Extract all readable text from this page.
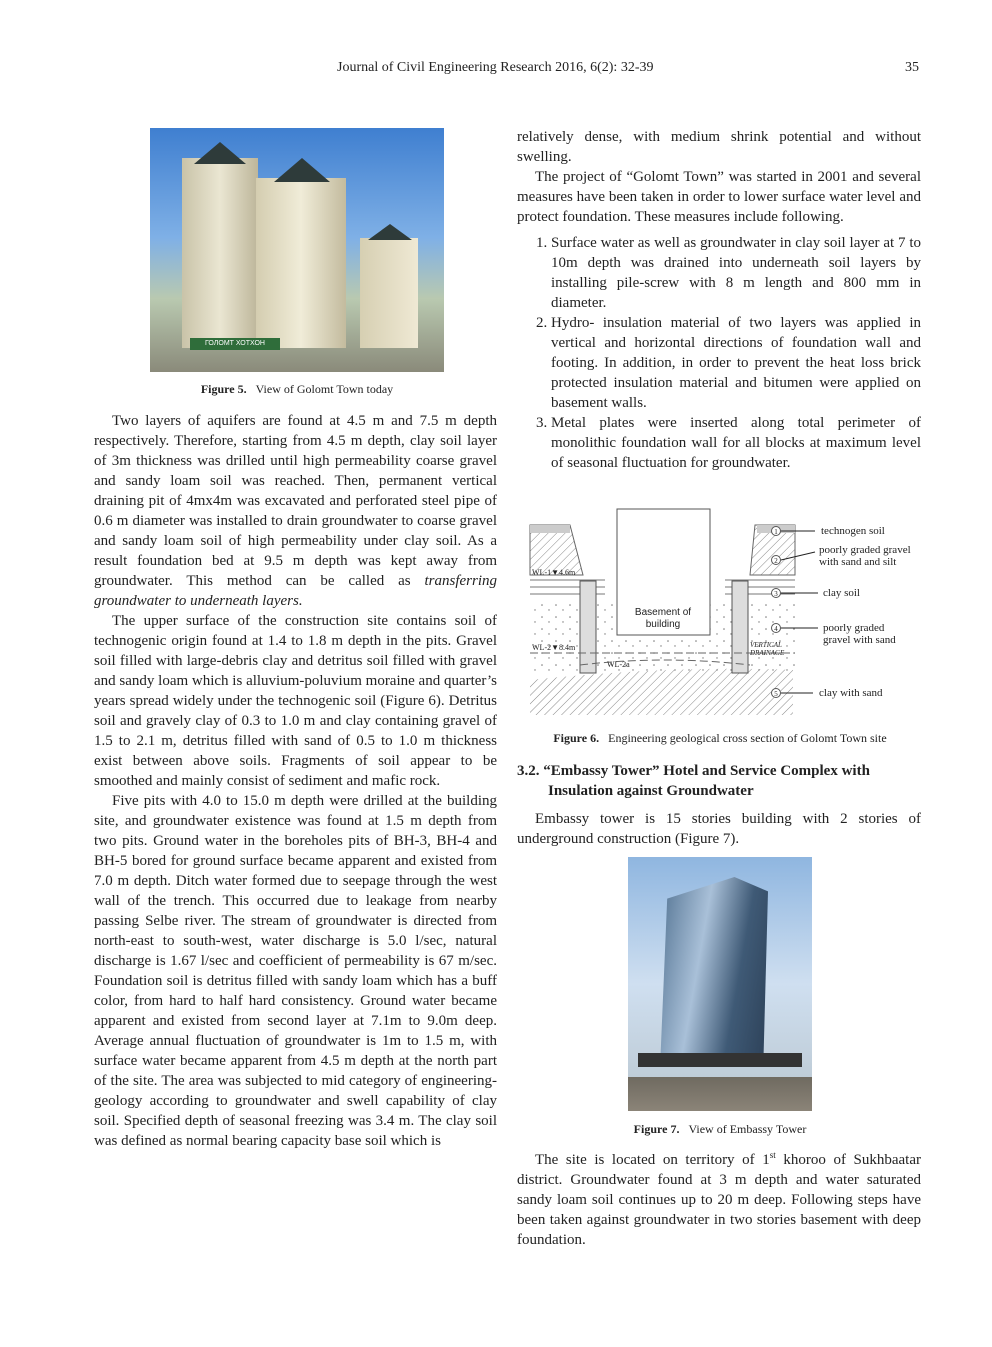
Journal of Civil Engineering Research 2016, 6(2): 32-39	35
ГОЛОМТ ХОТХОН
Figure 5. View of Golomt Town today

Two layers of aquifers are found at 4.5 m and 7.5 m depth respectively. Therefore, starting from 4.5 m depth, clay soil layer of 3m thickness was drilled until high permeability coarse gravel and sandy loam soil was reached. Then, permanent vertical draining pit of 4mx4m was excavated and perforated steel pipe of 0.6 m diameter was installed to drain groundwater to coarse gravel and sandy loam soil of high permeability under clay soil. As a result foundation bed at 9.5 m depth was kept away from groundwater. This method can be called as transferring groundwater to underneath layers.

The upper surface of the construction site contains soil of technogenic origin found at 1.4 to 1.8 m depth in the pits. Gravel soil filled with large-debris clay and detritus soil filled with gravel and sandy loam which is alluvium-poluvium moraine and quarter’s years spread widely under the technogenic soil (Figure 6). Detritus soil and gravely clay of 0.3 to 1.0 m and clay containing gravel of 1.5 to 2.1 m, detritus filled with sand of 0.5 to 1.0 m thickness exist between above soils. Fragments of soil appear to be smoothed and mainly consist of sediment and mafic rock.

Five pits with 4.0 to 15.0 m depth were drilled at the building site, and groundwater existence was found at 1.5 m depth from two pits. Ground water in the boreholes pits of BH-3, BH-4 and BH-5 bored for ground surface became apparent and existed from 7.0 m depth. Ditch water formed due to seepage through the west wall of the trench. This occurred due to leakage from nearby passing Selbe river. The stream of groundwater is directed from north-east to south-west, water discharge is 5.0 l/sec, natural discharge is 1.67 l/sec and coefficient of permeability is 67 m/sec. Foundation soil is detritus filled with sandy loam which has a buff color, from hard to half hard consistency. Ground water became apparent and existed from second layer at 7.1m to 9.0m deep. Average annual fluctuation of groundwater is 1m to 1.5 m, with surface water became apparent from 4.5 m depth at the north part of the site. The area was subjected to mid category of engineering-geology according to groundwater and swell capability of clay soil. Specified depth of seasonal freezing was 3.4 m. The clay soil was defined as normal bearing capacity base soil which is

relatively dense, with medium shrink potential and without swelling.

The project of “Golomt Town” was started in 2001 and several measures have been taken in order to lower surface water level and protect foundation. These measures include following.

1. Surface water as well as groundwater in clay soil layer at 7 to 10m depth was drained into underneath soil layers by installing pile-screw with 8 m length and 800 mm in diameter.
2. Hydro- insulation material of two layers was applied in vertical and horizontal directions of foundation wall and footing. In addition, in order to prevent the heat loss brick protected insulation material and bitumen were applied on basement walls.
3. Metal plates were inserted along total perimeter of monolithic foundation wall for all blocks at maximum level of seasonal fluctuation for groundwater.
Basement of
building
WL-1▼4.6m
WL-2▼8.4m
WL-2a
VERTICAL
DRAINAGE
1	technogen soil
2
poorly graded gravel
with sand and silt
3	clay soil
4	poorly graded
gravel with sand
5	clay with sand
Figure 6. Engineering geological cross section of Golomt Town site
3.2. “Embassy Tower” Hotel and Service Complex with Insulation against Groundwater

Embassy tower is 15 stories building with 2 stories of underground construction (Figure 7).

Figure 7. View of Embassy Tower

The site is located on territory of 1st khoroo of Sukhbaatar district. Groundwater found at 3 m depth and water saturated sandy loam soil continues up to 20 m deep. Following steps have been taken against groundwater in two stories basement with deep foundation.
